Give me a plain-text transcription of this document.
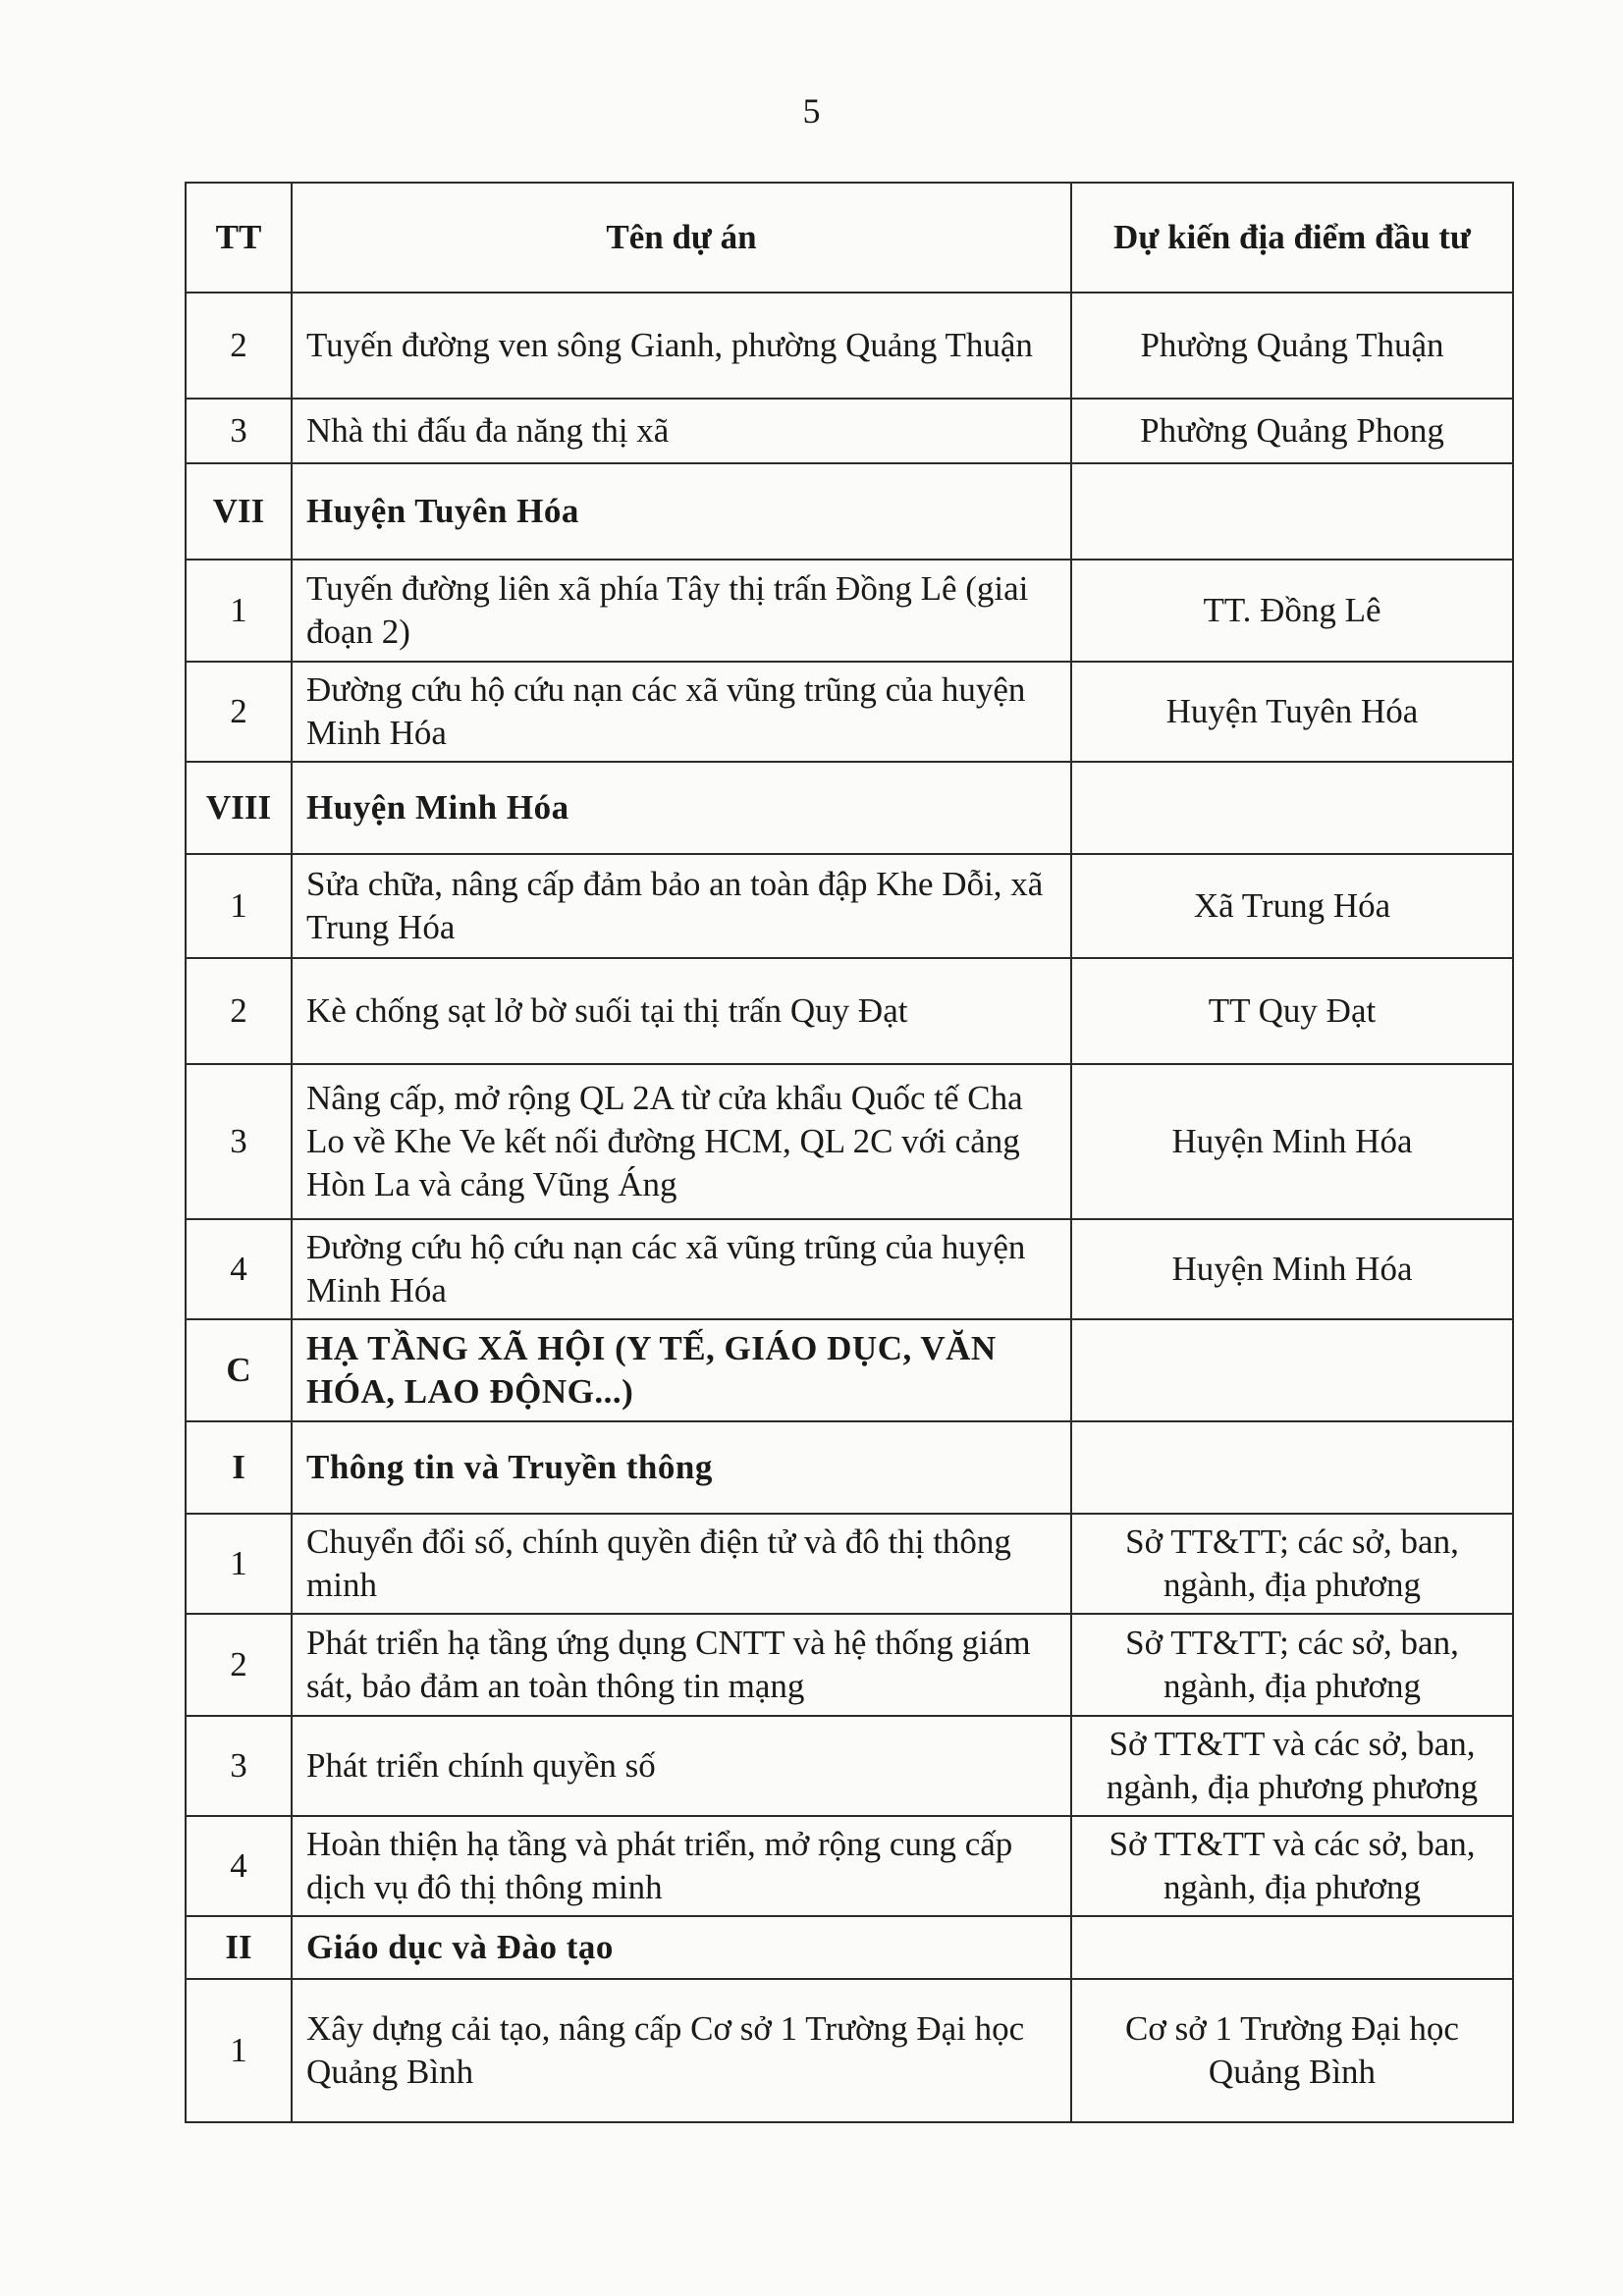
5
TT	Tên dự án	Dự kiến địa điểm đầu tư
2	Tuyến đường ven sông Gianh, phường Quảng Thuận	Phường Quảng Thuận
3	Nhà thi đấu đa năng thị xã	Phường Quảng Phong
VII	Huyện Tuyên Hóa	
1	Tuyến đường liên xã phía Tây thị trấn Đồng Lê (giai đoạn 2)	TT. Đồng Lê
2	Đường cứu hộ cứu nạn các xã vũng trũng của huyện Minh Hóa	Huyện Tuyên Hóa
VIII	Huyện Minh Hóa	
1	Sửa chữa, nâng cấp đảm bảo an toàn đập Khe Dỗi, xã Trung Hóa	Xã Trung Hóa
2	Kè chống sạt lở bờ suối tại thị trấn Quy Đạt	TT Quy Đạt
3	Nâng cấp, mở rộng QL 2A từ cửa khẩu Quốc tế Cha Lo về Khe Ve kết nối đường HCM, QL 2C với cảng Hòn La và cảng Vũng Áng	Huyện Minh Hóa
4	Đường cứu hộ cứu nạn các xã vũng trũng của huyện Minh Hóa	Huyện Minh Hóa
C	HẠ TẦNG XÃ HỘI (Y TẾ, GIÁO DỤC, VĂN HÓA, LAO ĐỘNG...)	
I	Thông tin và Truyền thông	
1	Chuyển đổi số, chính quyền điện tử và đô thị thông minh	Sở TT&TT; các sở, ban, ngành, địa phương
2	Phát triển hạ tầng ứng dụng CNTT và hệ thống giám sát, bảo đảm an toàn thông tin mạng	Sở TT&TT; các sở, ban, ngành, địa phương
3	Phát triển chính quyền số	Sở TT&TT và các sở, ban, ngành, địa phương phương
4	Hoàn thiện hạ tầng và phát triển, mở rộng cung cấp dịch vụ đô thị thông minh	Sở TT&TT và các sở, ban, ngành, địa phương
II	Giáo dục và Đào tạo	
1	Xây dựng cải tạo, nâng cấp Cơ sở 1 Trường Đại học Quảng Bình	Cơ sở 1 Trường Đại học Quảng Bình
